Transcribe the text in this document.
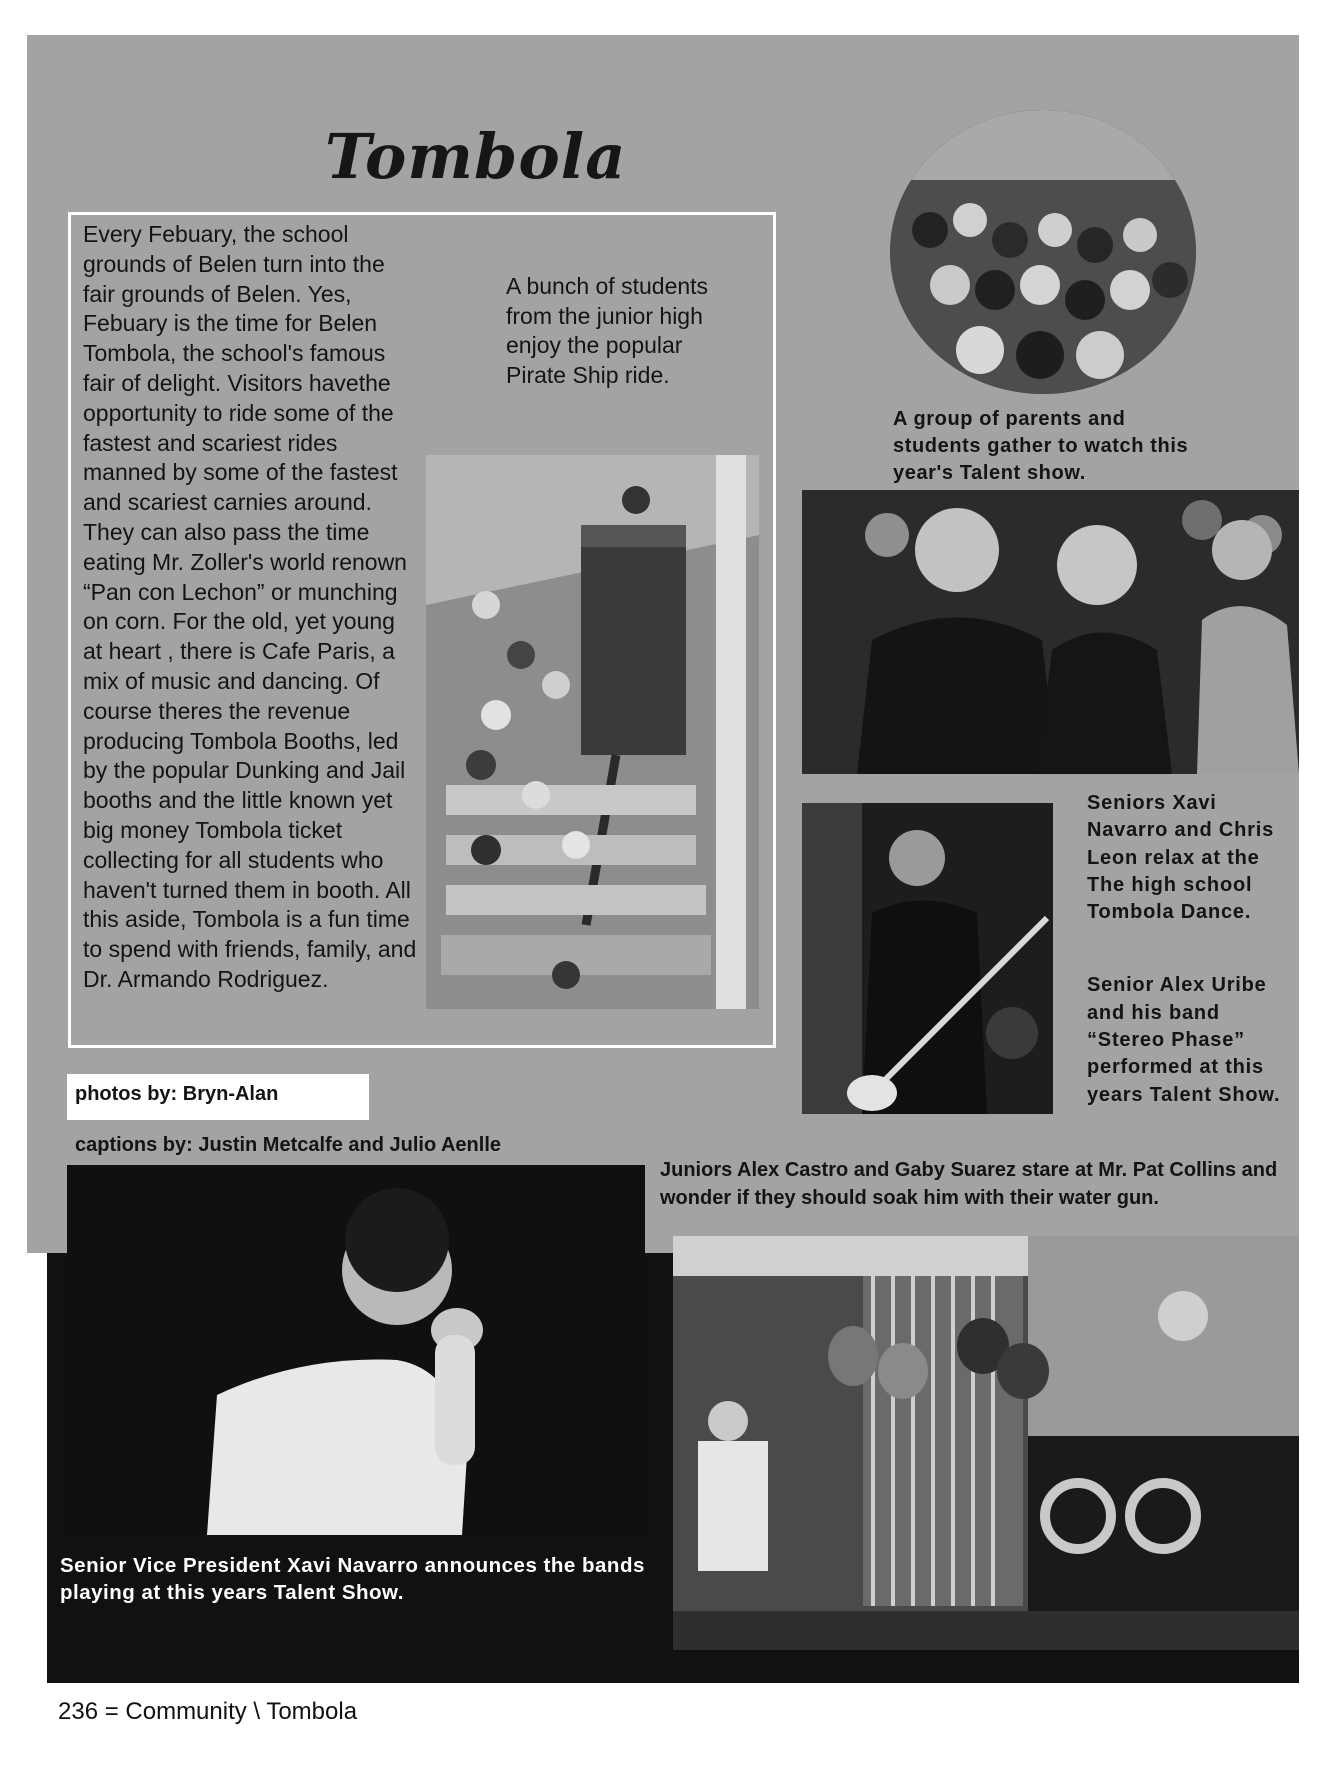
Tombola
Every Febuary, the school grounds of Belen turn into the fair grounds of Belen. Yes, Febuary is the time for Belen Tombola, the school's famous fair of delight. Visitors havethe opportunity to ride some of the fastest and scariest rides manned by some of the fastest and scariest carnies around. They can also pass the time eating Mr. Zoller's world renown “Pan con Lechon” or munching on corn. For the old, yet young at heart , there is Cafe Paris, a mix of music and dancing. Of course theres the revenue producing Tombola Booths, led by the popular Dunking and Jail booths and the little known yet big money Tombola ticket collecting for all students who haven't turned them in booth. All this aside, Tombola is a fun time to spend with friends, family, and Dr. Armando Rodriguez.
A bunch of students from the junior high enjoy the popular Pirate Ship ride.
A group of parents and students gather to watch this year's Talent show.
Seniors Xavi Navarro and Chris Leon relax at the The high school Tombola Dance.
Senior Alex Uribe and his band “Stereo Phase” performed at this years Talent Show.
photos by: Bryn-Alan
captions by: Justin Metcalfe and Julio Aenlle
Senior Vice President Xavi Navarro announces the bands playing at this years Talent Show.
Juniors Alex Castro and Gaby Suarez stare at Mr. Pat Collins and wonder if they should soak him with their water gun.
236 = Community \ Tombola
